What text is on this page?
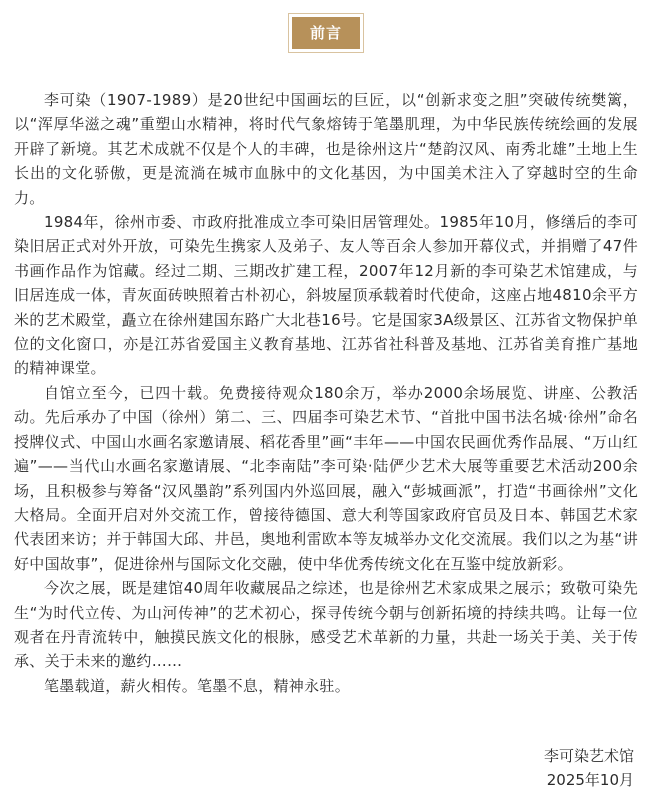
前言

李可染（1907-1989）是20世纪中国画坛的巨匠，以“创新求变之胆”突破传统樊篱，以“浑厚华滋之魂”重塑山水精神，将时代气象熔铸于笔墨肌理，为中华民族传统绘画的发展开辟了新境。其艺术成就不仅是个人的丰碑，也是徐州这片“楚韵汉风、南秀北雄”土地上生长出的文化骄傲，更是流淌在城市血脉中的文化基因，为中国美术注入了穿越时空的生命力。

1984年，徐州市委、市政府批准成立李可染旧居管理处。1985年10月，修缮后的李可染旧居正式对外开放，可染先生携家人及弟子、友人等百余人参加开幕仪式，并捐赠了47件书画作品作为馆藏。经过二期、三期改扩建工程，2007年12月新的李可染艺术馆建成，与旧居连成一体，青灰面砖映照着古朴初心，斜坡屋顶承载着时代使命，这座占地4810余平方米的艺术殿堂，矗立在徐州建国东路广大北巷16号。它是国家3A级景区、江苏省文物保护单位的文化窗口，亦是江苏省爱国主义教育基地、江苏省社科普及基地、江苏省美育推广基地的精神课堂。

自馆立至今，已四十载。免费接待观众180余万，举办2000余场展览、讲座、公教活动。先后承办了中国（徐州）第二、三、四届李可染艺术节、“首批中国书法名城·徐州”命名授牌仪式、中国山水画名家邀请展、稻花香里”画“丰年——中国农民画优秀作品展、“万山红遍”——当代山水画名家邀请展、“北李南陆”李可染·陆俨少艺术大展等重要艺术活动200余场，且积极参与筹备“汉风墨韵”系列国内外巡回展，融入“彭城画派”，打造“书画徐州”文化大格局。全面开启对外交流工作，曾接待德国、意大利等国家政府官员及日本、韩国艺术家代表团来访；并于韩国大邱、井邑，奥地利雷欧本等友城举办文化交流展。我们以之为基“讲好中国故事”，促进徐州与国际文化交融，使中华优秀传统文化在互鉴中绽放新彩。

今次之展，既是建馆40周年收藏展品之综述，也是徐州艺术家成果之展示；致敬可染先生“为时代立传、为山河传神”的艺术初心，探寻传统今朝与创新拓境的持续共鸣。让每一位观者在丹青流转中，触摸民族文化的根脉，感受艺术革新的力量，共赴一场关于美、关于传承、关于未来的邀约……

笔墨载道，薪火相传。笔墨不息，精神永驻。

李可染艺术馆
2025年10月
